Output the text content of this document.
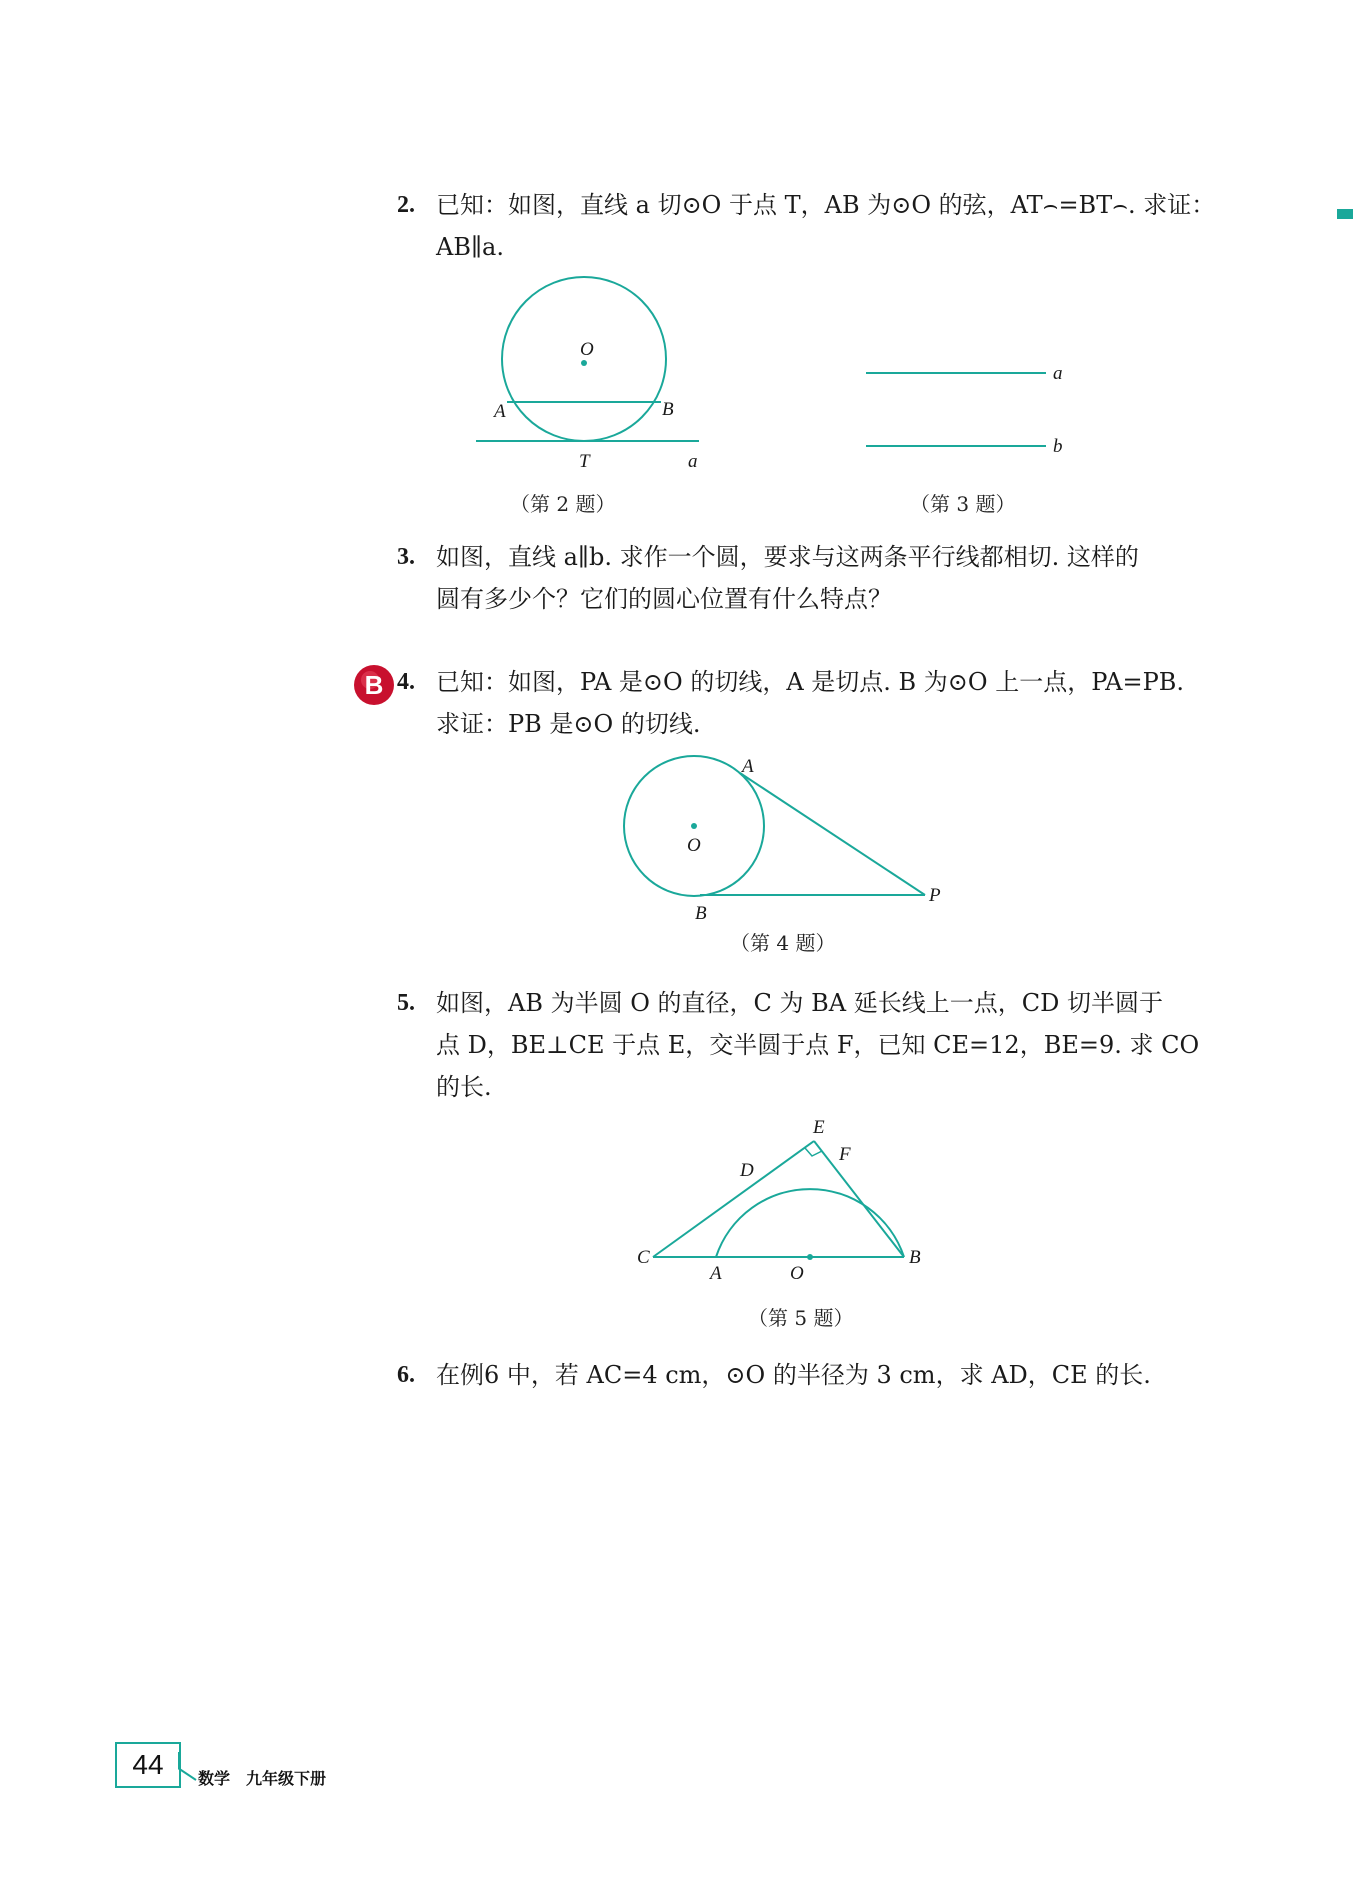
2. 已知：如图，直线 a 切⊙O 于点 T，AB 为⊙O 的弦，AT⌢=BT⌢. 求证：
AB∥a.
O
A	B
T	a
（第 2 题）
a
b
（第 3 题）
3. 如图，直线 a∥b. 求作一个圆，要求与这两条平行线都相切. 这样的
圆有多少个？它们的圆心位置有什么特点？
B 4. 已知：如图，PA 是⊙O 的切线，A 是切点. B 为⊙O 上一点，PA=PB.
求证：PB 是⊙O 的切线.
A
O
B
P
（第 4 题）
5. 如图，AB 为半圆 O 的直径，C 为 BA 延长线上一点，CD 切半圆于
点 D，BE⊥CE 于点 E，交半圆于点 F，已知 CE=12，BE=9. 求 CO
的长.
E
F
D
C
A	O
B
（第 5 题）
6. 在例6 中，若 AC=4 cm，⊙O 的半径为 3 cm，求 AD，CE 的长.
44	数学　九年级下册
